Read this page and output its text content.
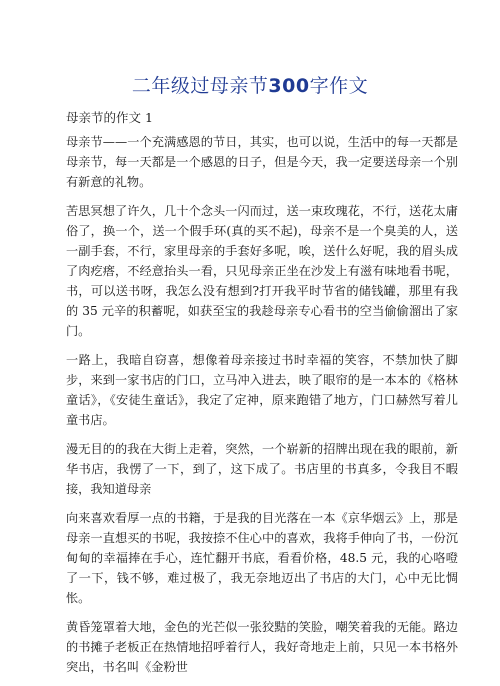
二年级过母亲节300字作文
母亲节的作文 1

母亲节——一个充满感恩的节日，其实，也可以说，生活中的每一天都是母亲节，每一天都是一个感恩的日子，但是今天，我一定要送母亲一个别有新意的礼物。

苦思冥想了许久，几十个念头一闪而过，送一束玫瑰花，不行，送花太庸俗了，换一个，送一个假手环(真的买不起)，母亲不是一个臭美的人，送一副手套，不行，家里母亲的手套好多呢，唉，送什么好呢，我的眉头成了肉疙瘩，不经意抬头一看，只见母亲正坐在沙发上有滋有味地看书呢，书，可以送书呀，我怎么没有想到?打开我平时节省的储钱罐，那里有我的 35 元辛的积蓄呢，如获至宝的我趁母亲专心看书的空当偷偷溜出了家门。

一路上，我暗自窃喜，想像着母亲接过书时幸福的笑容，不禁加快了脚步，来到一家书店的门口，立马冲入进去，映了眼帘的是一本本的《格林童话》，《安徒生童话》，我定了定神，原来跑错了地方，门口赫然写着儿童书店。

漫无目的的我在大街上走着，突然，一个崭新的招牌出现在我的眼前，新华书店，我愣了一下，到了，这下成了。书店里的书真多，令我目不暇接，我知道母亲

向来喜欢看厚一点的书籍，于是我的目光落在一本《京华烟云》上，那是母亲一直想买的书呢，我按捺不住心中的喜欢，我将手伸向了书，一份沉甸甸的幸福捧在手心，连忙翻开书底，看看价格，48.5 元，我的心咯噔了一下，钱不够，难过极了，我无奈地迈出了书店的大门，心中无比惆怅。

黄昏笼罩着大地，金色的光芒似一张狡黠的笑脸，嘲笑着我的无能。路边的书摊子老板正在热情地招呼着行人，我好奇地走上前，只见一本书格外突出，书名叫《金粉世
